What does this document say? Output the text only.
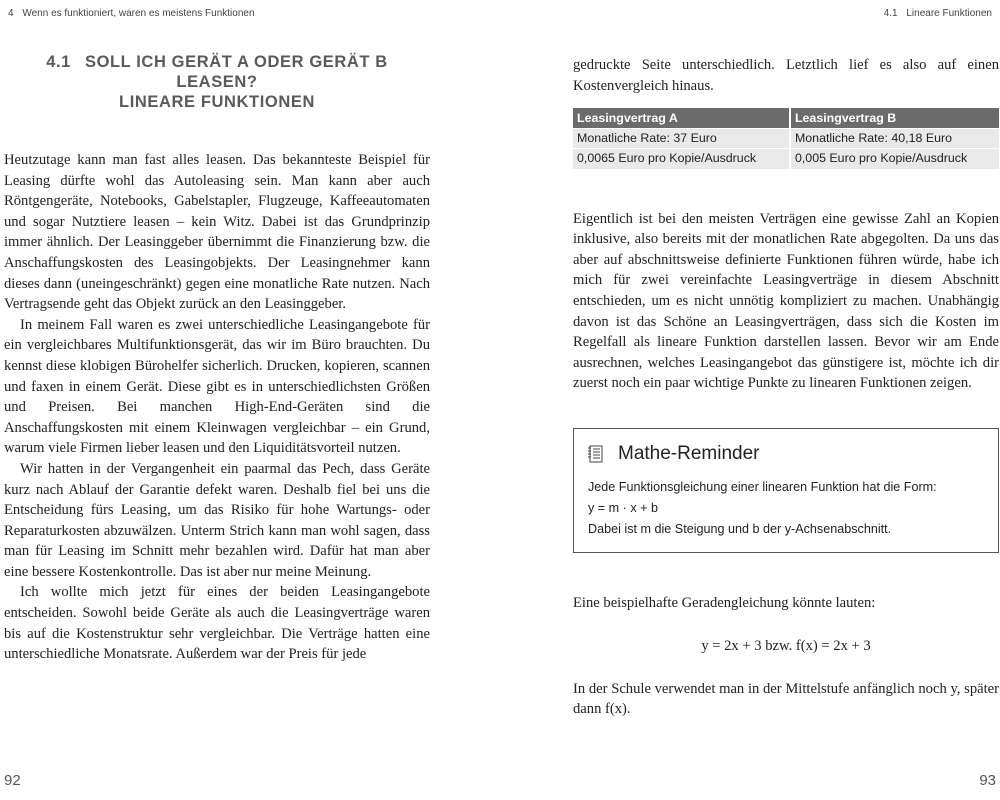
4 Wenn es funktioniert, waren es meistens Funktionen	4.1 Lineare Funktionen
4.1 SOLL ICH GERÄT A ODER GERÄT B LEASEN?
LINEARE FUNKTIONEN

Heutzutage kann man fast alles leasen. Das bekannteste Beispiel für Leasing dürfte wohl das Autoleasing sein. Man kann aber auch Röntgengeräte, Notebooks, Gabelstapler, Flugzeuge, Kaffeeautomaten und sogar Nutztiere leasen – kein Witz. Dabei ist das Grundprinzip immer ähnlich. Der Leasinggeber übernimmt die Finanzierung bzw. die Anschaffungskosten des Leasingobjekts. Der Leasingnehmer kann dieses dann (uneingeschränkt) gegen eine monatliche Rate nutzen. Nach Vertragsende geht das Objekt zurück an den Leasinggeber.

In meinem Fall waren es zwei unterschiedliche Leasingangebote für ein vergleichbares Multifunktionsgerät, das wir im Büro brauchten. Du kennst diese klobigen Bürohelfer sicherlich. Drucken, kopieren, scannen und faxen in einem Gerät. Diese gibt es in unterschiedlichsten Größen und Preisen. Bei manchen High-End-Geräten sind die Anschaffungskosten mit einem Kleinwagen vergleichbar – ein Grund, warum viele Firmen lieber leasen und den Liquiditätsvorteil nutzen.

Wir hatten in der Vergangenheit ein paarmal das Pech, dass Geräte kurz nach Ablauf der Garantie defekt waren. Deshalb fiel bei uns die Entscheidung fürs Leasing, um das Risiko für hohe Wartungs- oder Reparaturkosten abzuwälzen. Unterm Strich kann man wohl sagen, dass man für Leasing im Schnitt mehr bezahlen wird. Dafür hat man aber eine bessere Kostenkontrolle. Das ist aber nur meine Meinung.

Ich wollte mich jetzt für eines der beiden Leasingangebote entscheiden. Sowohl beide Geräte als auch die Leasingverträge waren bis auf die Kostenstruktur sehr vergleichbar. Die Verträge hatten eine unterschiedliche Monatsrate. Außerdem war der Preis für jede

gedruckte Seite unterschiedlich. Letztlich lief es also auf einen Kostenvergleich hinaus.

Leasingvertrag A	Leasingvertrag B
Monatliche Rate: 37 Euro	Monatliche Rate: 40,18 Euro
0,0065 Euro pro Kopie/Ausdruck	0,005 Euro pro Kopie/Ausdruck

Eigentlich ist bei den meisten Verträgen eine gewisse Zahl an Kopien inklusive, also bereits mit der monatlichen Rate abgegolten. Da uns das aber auf abschnittsweise definierte Funktionen führen würde, habe ich mich für zwei vereinfachte Leasingverträge in diesem Abschnitt entschieden, um es nicht unnötig kompliziert zu machen. Unabhängig davon ist das Schöne an Leasingverträgen, dass sich die Kosten im Regelfall als lineare Funktion darstellen lassen. Bevor wir am Ende ausrechnen, welches Leasingangebot das günstigere ist, möchte ich dir zuerst noch ein paar wichtige Punkte zu linearen Funktionen zeigen.

Mathe-Reminder
Jede Funktionsgleichung einer linearen Funktion hat die Form:
y = m · x + b
Dabei ist m die Steigung und b der y-Achsenabschnitt.

Eine beispielhafte Geradengleichung könnte lauten:

y = 2x + 3 bzw. f(x) = 2x + 3

In der Schule verwendet man in der Mittelstufe anfänglich noch y, später dann f(x).

92	93
